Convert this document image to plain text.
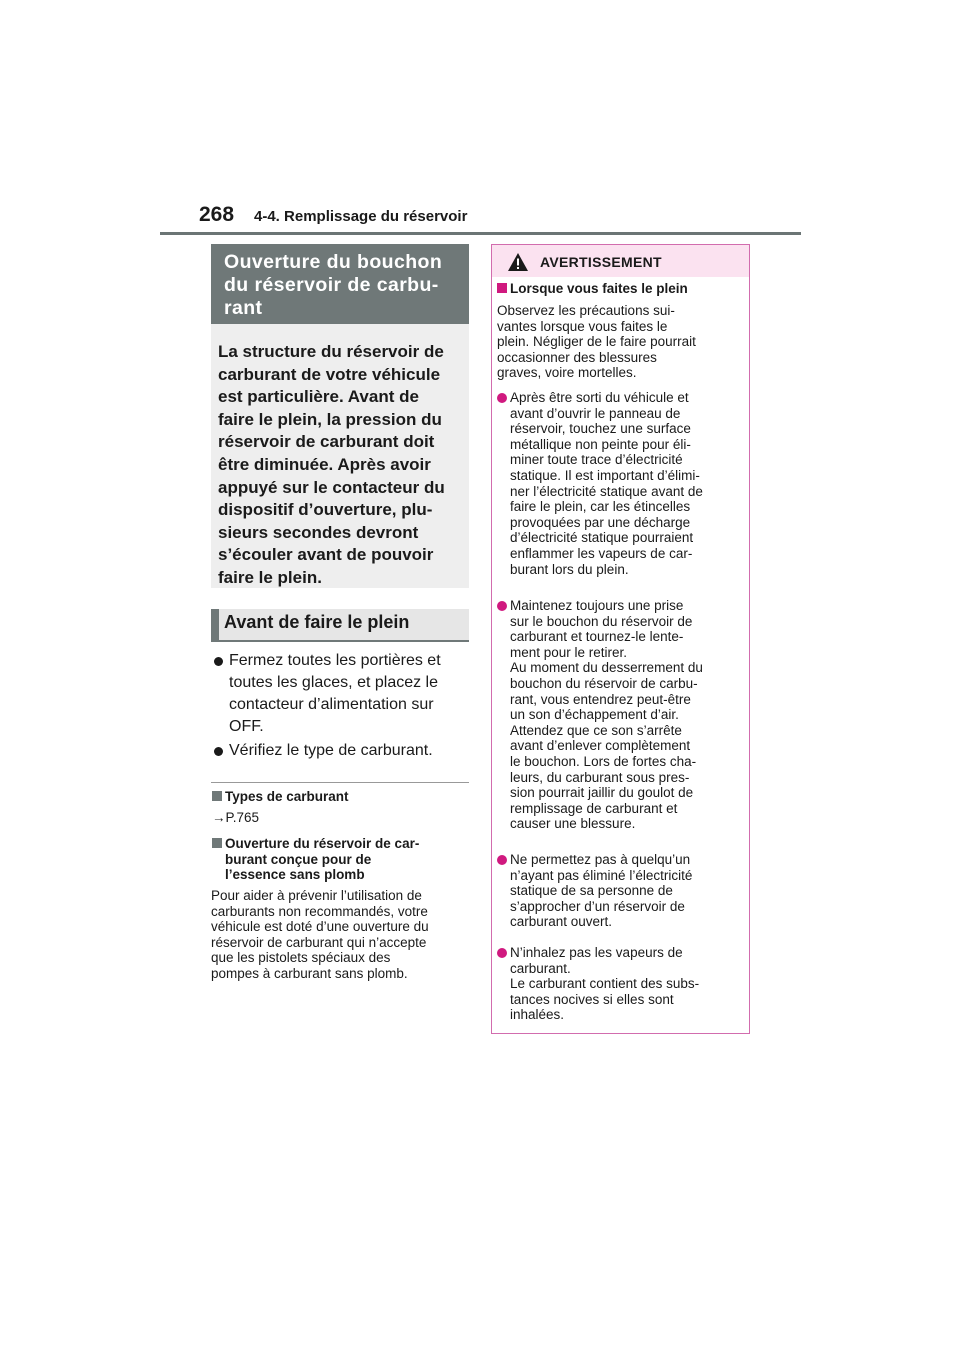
268 4-4. Remplissage du réservoir
Ouverture du bouchon
du réservoir de carbu-
rant
La structure du réservoir de
carburant de votre véhicule
est particulière. Avant de
faire le plein, la pression du
réservoir de carburant doit
être diminuée. Après avoir
appuyé sur le contacteur du
dispositif d’ouverture, plu-
sieurs secondes devront
s’écouler avant de pouvoir
faire le plein.
Avant de faire le plein
Fermez toutes les portières et toutes les glaces, et placez le contacteur d’alimentation sur OFF.
Vérifiez le type de carburant.
Types de carburant
→P.765
Ouverture du réservoir de car-
burant conçue pour de
l’essence sans plomb
Pour aider à prévenir l’utilisation de
carburants non recommandés, votre
véhicule est doté d’une ouverture du
réservoir de carburant qui n’accepte
que les pistolets spéciaux des
pompes à carburant sans plomb.
AVERTISSEMENT
Lorsque vous faites le plein
Observez les précautions sui-
vantes lorsque vous faites le
plein. Négliger de le faire pourrait
occasionner des blessures
graves, voire mortelles.
Après être sorti du véhicule et
avant d’ouvrir le panneau de
réservoir, touchez une surface
métallique non peinte pour éli-
miner toute trace d’électricité
statique. Il est important d’élimi-
ner l’électricité statique avant de
faire le plein, car les étincelles
provoquées par une décharge
d’électricité statique pourraient
enflammer les vapeurs de car-
burant lors du plein.
Maintenez toujours une prise
sur le bouchon du réservoir de
carburant et tournez-le lente-
ment pour le retirer.
Au moment du desserrement du
bouchon du réservoir de carbu-
rant, vous entendrez peut-être
un son d’échappement d’air.
Attendez que ce son s’arrête
avant d’enlever complètement
le bouchon. Lors de fortes cha-
leurs, du carburant sous pres-
sion pourrait jaillir du goulot de
remplissage de carburant et
causer une blessure.
Ne permettez pas à quelqu’un
n’ayant pas éliminé l’électricité
statique de sa personne de
s’approcher d’un réservoir de
carburant ouvert.
N’inhalez pas les vapeurs de
carburant.
Le carburant contient des subs-
tances nocives si elles sont
inhalées.
